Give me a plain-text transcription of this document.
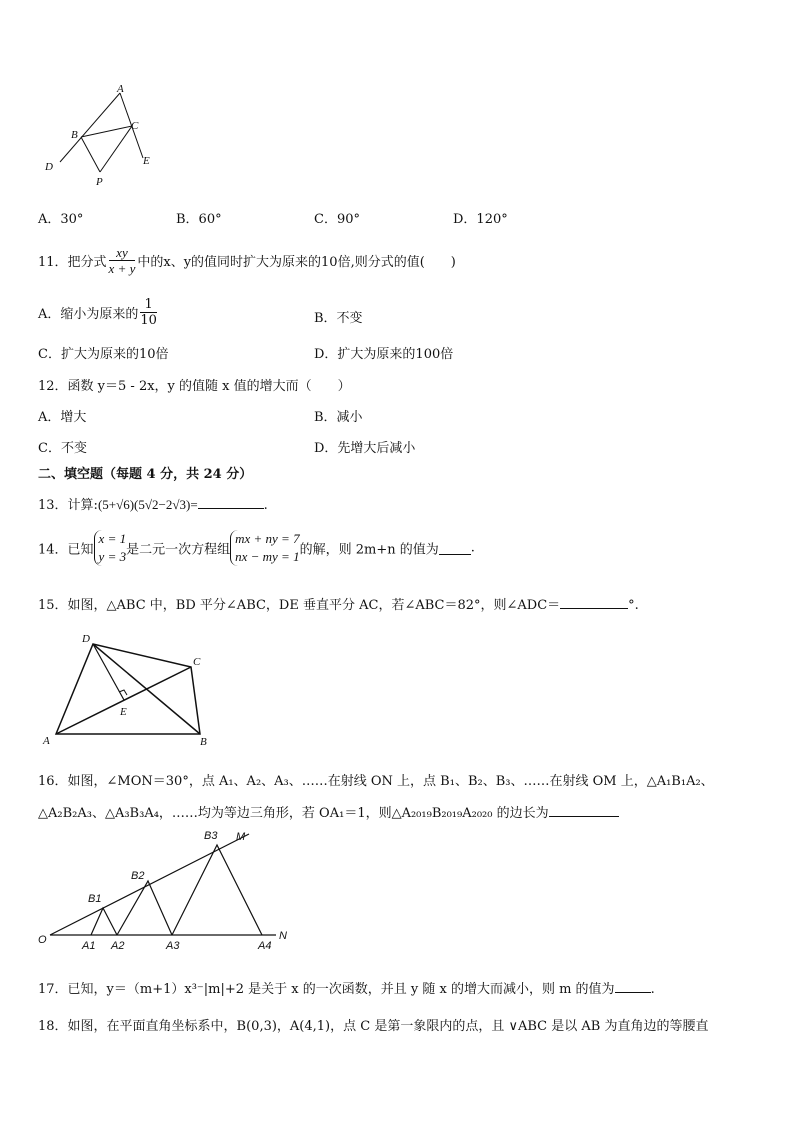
A
B
C
D	E
P
A．30°	B．60°	C．90°	D．120°
11．把分式 $\frac{xy}{x + y}$ 中的x、y的值同时扩大为原来的10倍,则分式的值(　　)
A．缩小为原来的 $\frac{1}{10}$	B．不变
C．扩大为原来的10倍	D．扩大为原来的100倍
12．函数 y＝5 - 2x，y 的值随 x 值的增大而（　　）
A．增大	B．减小
C．不变	D．先增大后减小
二、填空题（每题 4 分，共 24 分）
13．计算:(5+√6)(5√2−2√3)=	.
14．已知
x = 1
y = 3 是二元一次方程组
mx + ny = 7
nx − my = 1 的解，则 2m+n 的值为 .
15．如图，△ABC 中，BD 平分∠ABC，DE 垂直平分 AC，若∠ABC＝82°，则∠ADC＝	°.
D
C
E
A	B
16．如图，∠MON＝30°，点 A₁、A₂、A₃、……在射线 ON 上，点 B₁、B₂、B₃、……在射线 OM 上，△A₁B₁A₂、
△A₂B₂A₃、△A₃B₃A₄，……均为等边三角形，若 OA₁＝1，则△A₂₀₁₉B₂₀₁₉A₂₀₂₀ 的边长为
O	A1 A2	A3	A4
N
B1
B2
B3 M
17．已知，y＝（m+1）x³⁻|m|+2 是关于 x 的一次函数，并且 y 随 x 的增大而减小，则 m 的值为	.
18．如图，在平面直角坐标系中，B(0,3)，A(4,1)，点 C 是第一象限内的点，且 ∨ABC 是以 AB 为直角边的等腰直
